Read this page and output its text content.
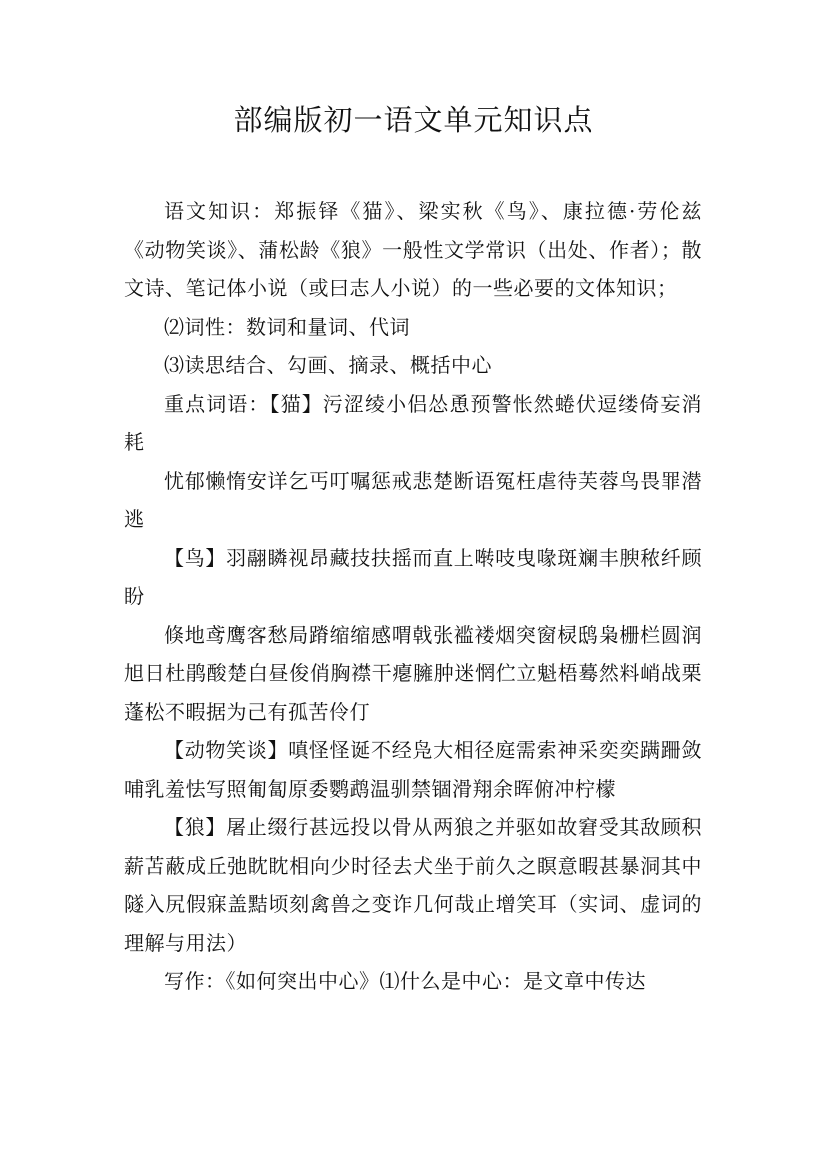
部编版初一语文单元知识点

语文知识：郑振铎《猫》、梁实秋《鸟》、康拉德·劳伦兹《动物笑谈》、蒲松龄《狼》一般性文学常识（出处、作者）；散文诗、笔记体小说（或曰志人小说）的一些必要的文体知识；

⑵词性：数词和量词、代词

⑶读思结合、勾画、摘录、概括中心

重点词语：【猫】污涩绫小侣怂恿预警怅然蜷伏逗缕倚妄消耗

忧郁懒惰安详乞丐叮嘱惩戒悲楚断语冤枉虐待芙蓉鸟畏罪潜逃

【鸟】羽翮瞵视昂藏技扶摇而直上啭吱曳喙斑斓丰腴秾纤顾盼

倏地鸢鹰客愁局蹐缩缩感喟戟张褴褛烟突窗棂鸱枭栅栏圆润旭日杜鹃酸楚白昼俊俏胸襟干瘪臃肿迷惘伫立魁梧蓦然料峭战栗蓬松不暇据为己有孤苦伶仃

【动物笑谈】嗔怪怪诞不经凫大相径庭需索神采奕奕蹒跚敛哺乳羞怯写照匍匐原委鹦鹉温驯禁锢滑翔余晖俯冲柠檬

【狼】屠止缀行甚远投以骨从两狼之并驱如故窘受其敌顾积薪苫蔽成丘弛眈眈相向少时径去犬坐于前久之瞑意暇甚暴洞其中隧入尻假寐盖黠顷刻禽兽之变诈几何哉止增笑耳（实词、虚词的理解与用法）

写作：《如何突出中心》⑴什么是中心：是文章中传达
